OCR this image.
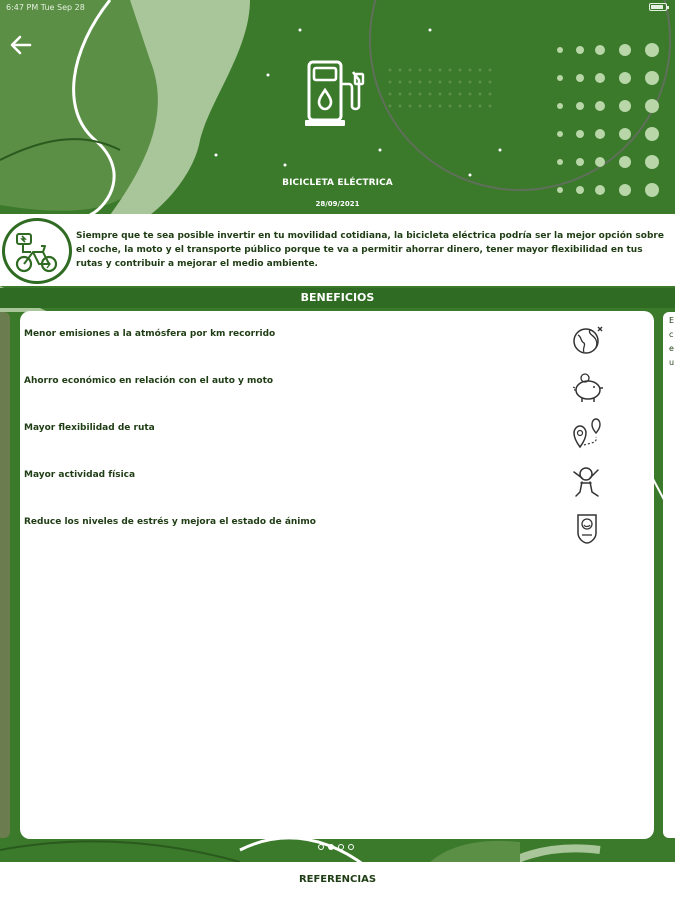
6:47 PM Tue Sep 28
BICICLETA ELÉCTRICA
28/09/2021
Siempre que te sea posible invertir en tu movilidad cotidiana, la bicicleta eléctrica podría ser la mejor opción sobre el coche, la moto y el transporte público porque te va a permitir ahorrar dinero, tener mayor flexibilidad en tus rutas y contribuir a mejorar el medio ambiente.
BENEFICIOS
E
c
e
u
Menor emisiones a la atmósfera por km recorrido
Ahorro económico en relación con el auto y moto
Mayor flexibilidad de ruta
Mayor actividad física
Reduce los niveles de estrés y mejora el estado de ánimo
REFERENCIAS
